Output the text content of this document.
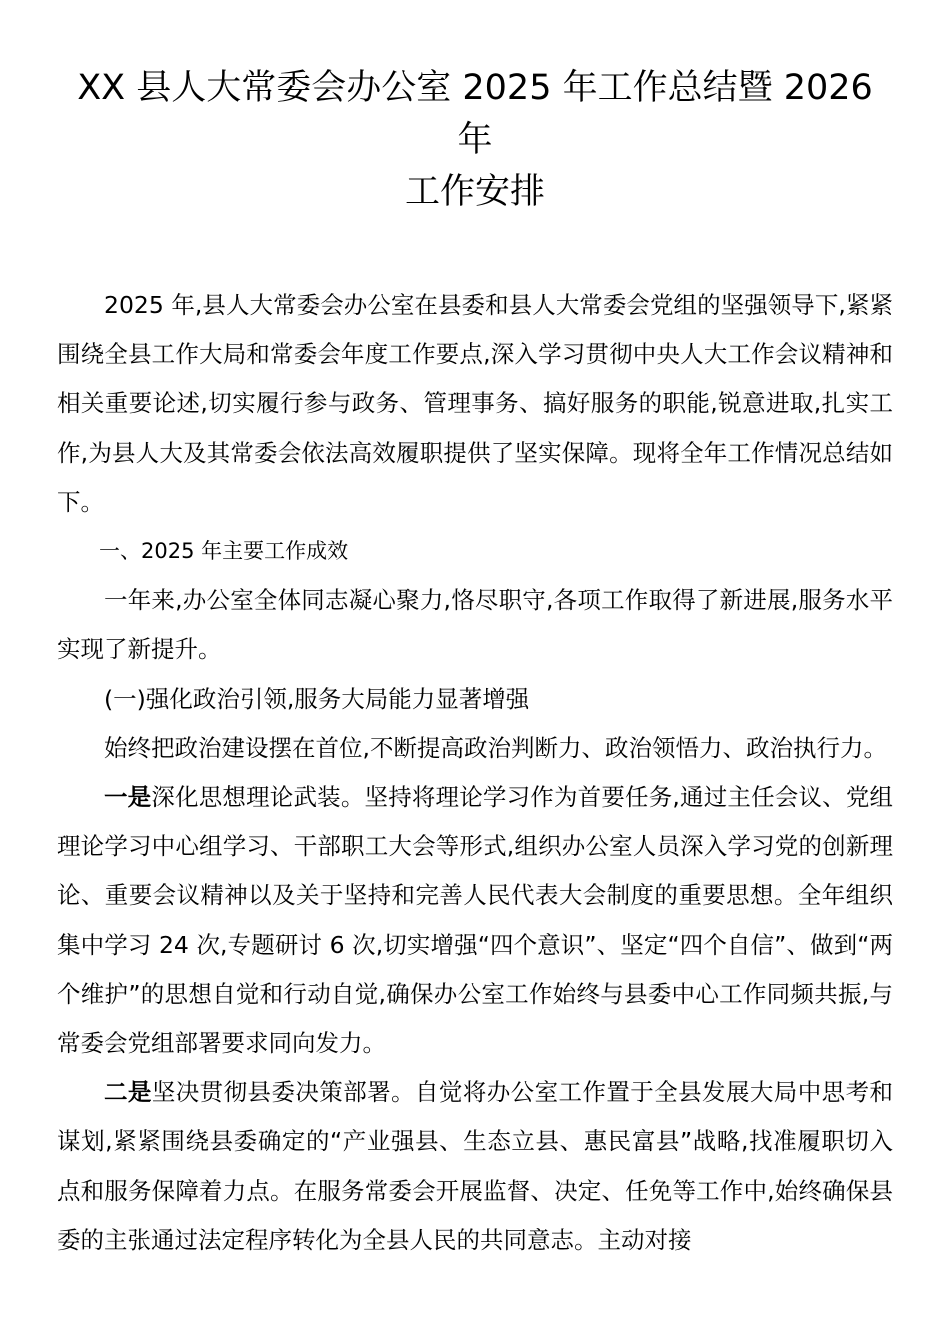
XX 县人大常委会办公室 2025 年工作总结暨 2026 年
工作安排

2025 年,县人大常委会办公室在县委和县人大常委会党组的坚强领导下,紧紧围绕全县工作大局和常委会年度工作要点,深入学习贯彻中央人大工作会议精神和相关重要论述,切实履行参与政务、管理事务、搞好服务的职能,锐意进取,扎实工作,为县人大及其常委会依法高效履职提供了坚实保障。现将全年工作情况总结如下。

一、2025 年主要工作成效

一年来,办公室全体同志凝心聚力,恪尽职守,各项工作取得了新进展,服务水平实现了新提升。

(一)强化政治引领,服务大局能力显著增强

始终把政治建设摆在首位,不断提高政治判断力、政治领悟力、政治执行力。

一是深化思想理论武装。坚持将理论学习作为首要任务,通过主任会议、党组理论学习中心组学习、干部职工大会等形式,组织办公室人员深入学习党的创新理论、重要会议精神以及关于坚持和完善人民代表大会制度的重要思想。全年组织集中学习 24 次,专题研讨 6 次,切实增强“四个意识”、坚定“四个自信”、做到“两个维护”的思想自觉和行动自觉,确保办公室工作始终与县委中心工作同频共振,与常委会党组部署要求同向发力。

二是坚决贯彻县委决策部署。自觉将办公室工作置于全县发展大局中思考和谋划,紧紧围绕县委确定的“产业强县、生态立县、惠民富县”战略,找准履职切入点和服务保障着力点。在服务常委会开展监督、决定、任免等工作中,始终确保县委的主张通过法定程序转化为全县人民的共同意志。主动对接
